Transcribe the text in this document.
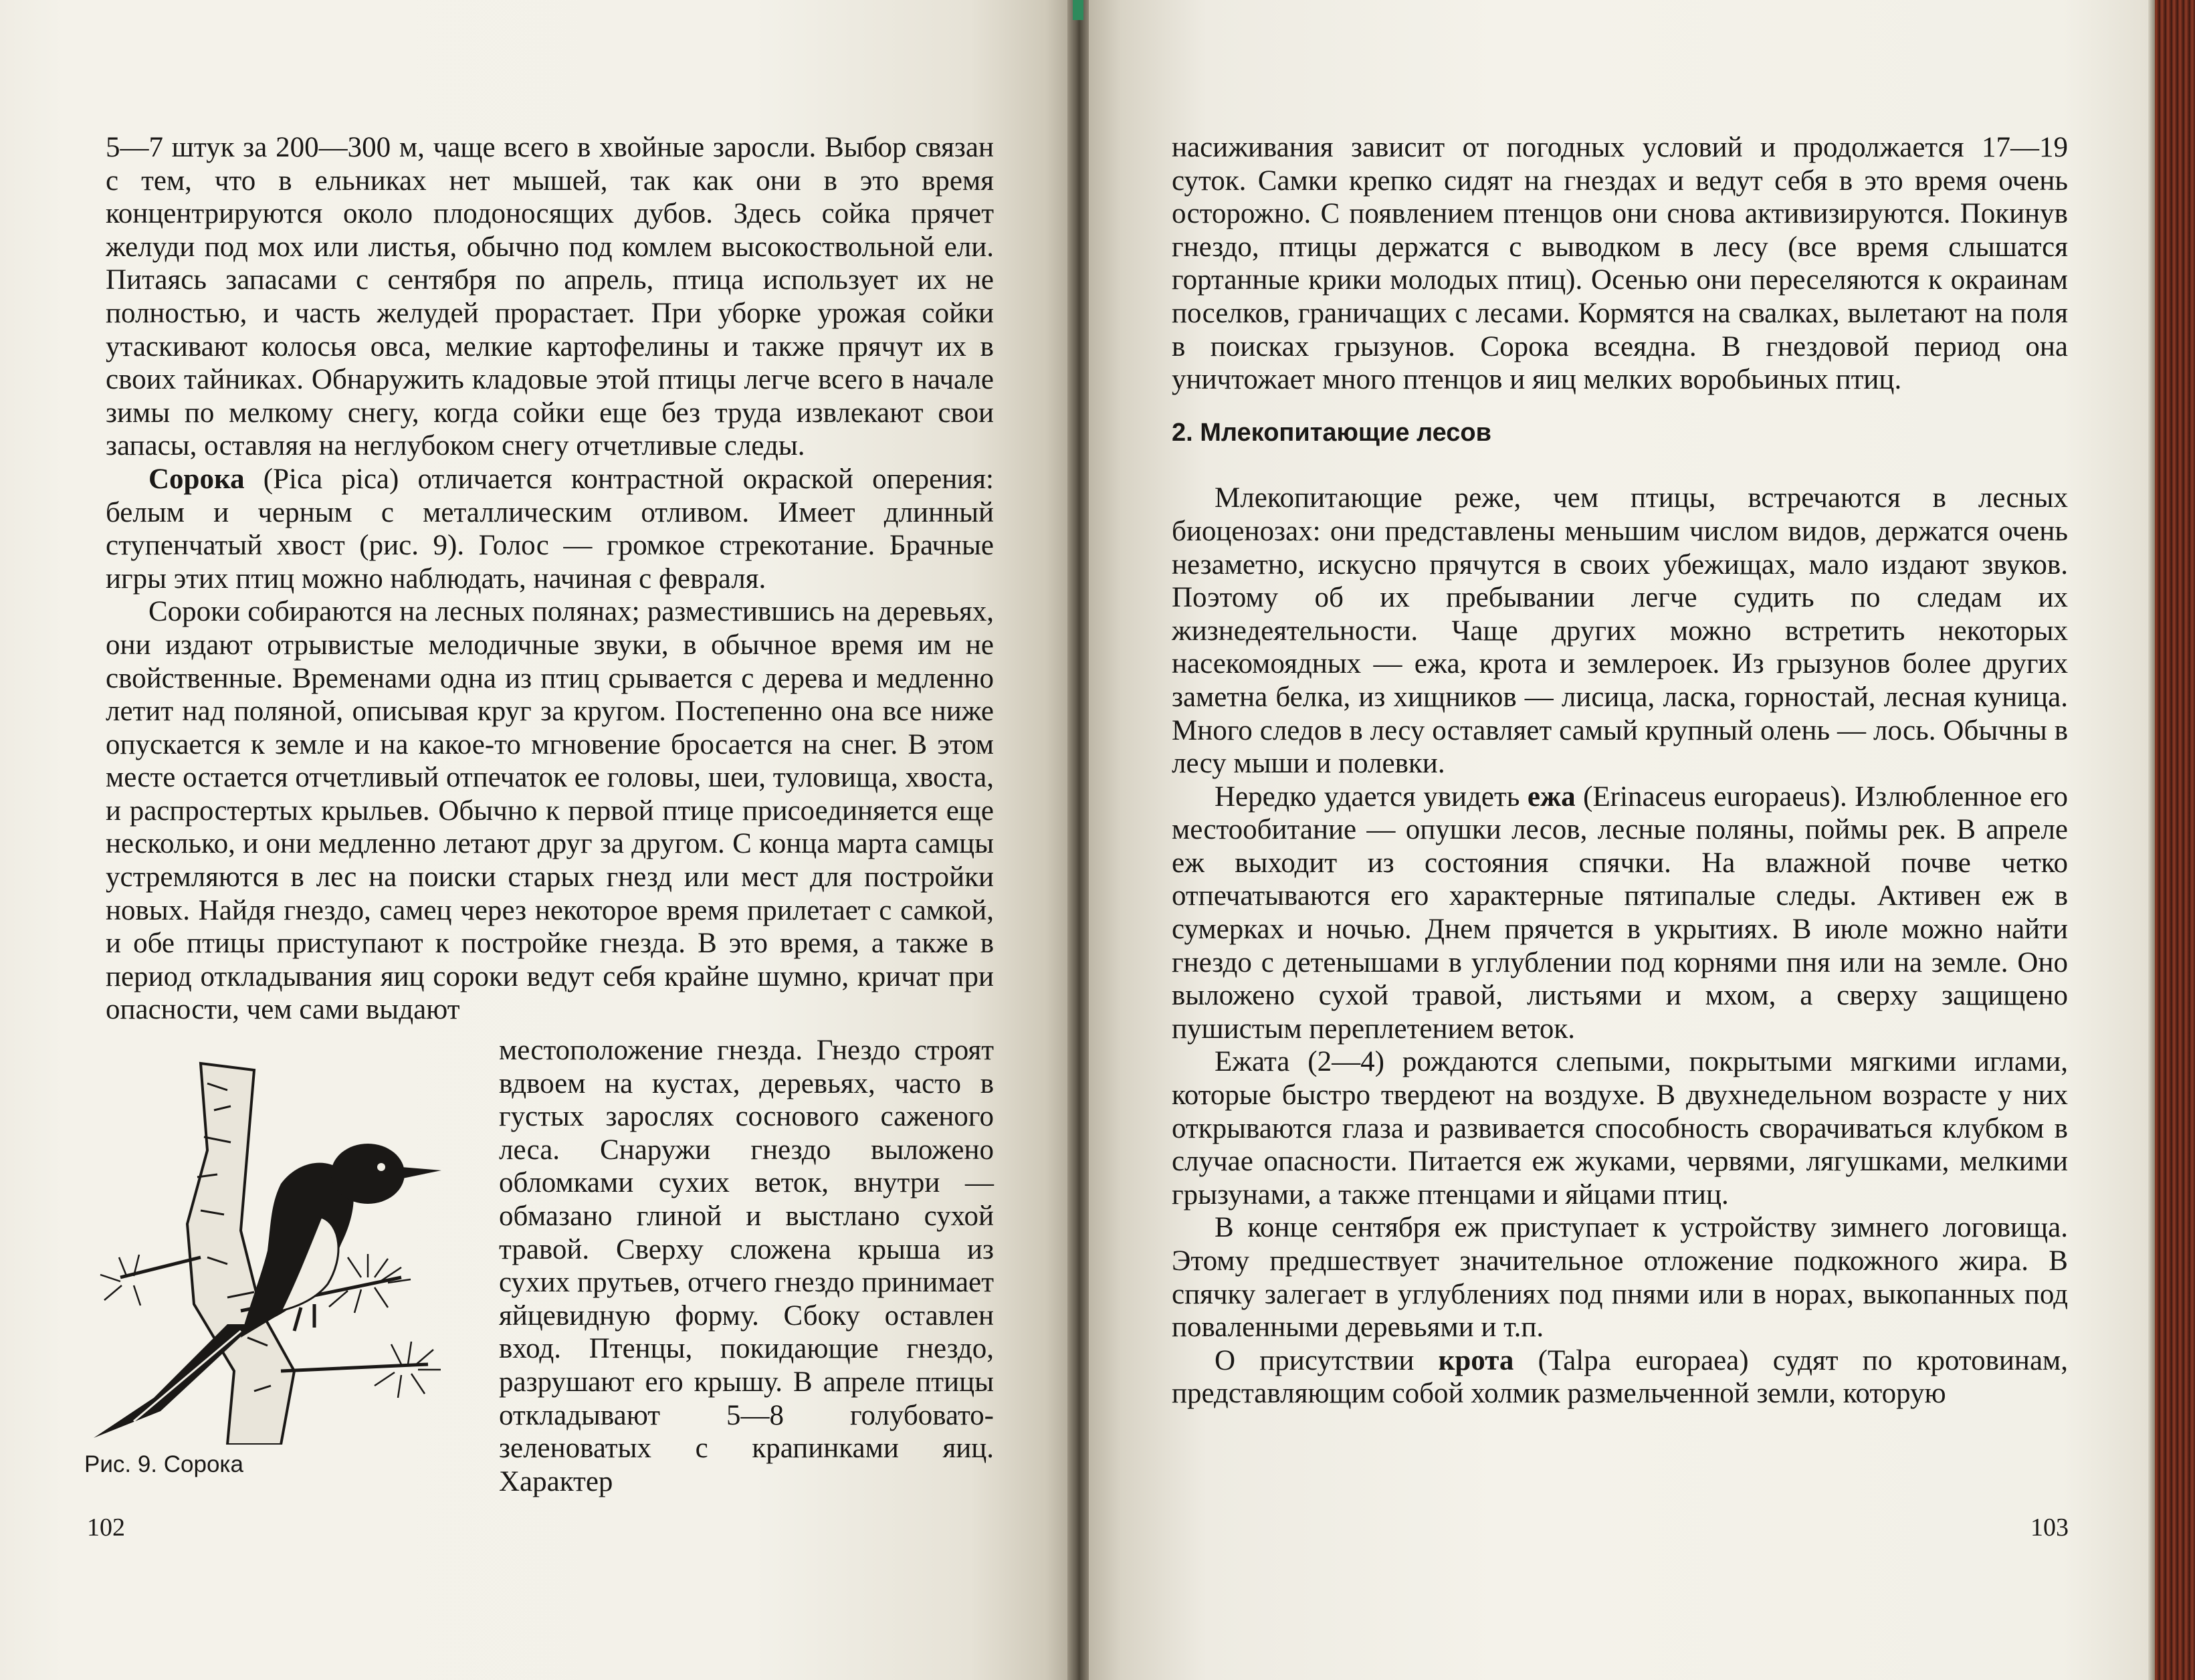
5—7 штук за 200—300 м, чаще всего в хвойные заросли. Выбор связан с тем, что в ельниках нет мышей, так как они в это время концентрируются около плодоносящих дубов. Здесь сойка прячет желуди под мох или листья, обычно под комлем высокоствольной ели. Питаясь запасами с сентября по апрель, птица использует их не полностью, и часть желудей прорастает. При уборке урожая сойки утаскивают колосья овса, мелкие картофелины и также прячут их в своих тайниках. Обнаружить кладовые этой птицы легче всего в начале зимы по мелкому снегу, когда сойки еще без труда извлекают свои запасы, оставляя на неглубоком снегу отчетливые следы.

Сорока (Pica pica) отличается контрастной окраской оперения: белым и черным с металлическим отливом. Имеет длинный ступенчатый хвост (рис. 9). Голос — громкое стрекотание. Брачные игры этих птиц можно наблюдать, начиная с февраля.

Сороки собираются на лесных полянах; разместившись на деревьях, они издают отрывистые мелодичные звуки, в обычное время им не свойственные. Временами одна из птиц срывается с дерева и медленно летит над поляной, описывая круг за кругом. Постепенно она все ниже опускается к земле и на какое-то мгновение бросается на снег. В этом месте остается отчетливый отпечаток ее головы, шеи, туловища, хвоста, и распростертых крыльев. Обычно к первой птице присоединяется еще несколько, и они медленно летают друг за другом. С конца марта самцы устремляются в лес на поиски старых гнезд или мест для постройки новых. Найдя гнездо, самец через некоторое время прилетает с самкой, и обе птицы приступают к постройке гнезда. В это время, а также в период откладывания яиц сороки ведут себя крайне шумно, кричат при опасности, чем сами выдают

местоположение гнезда. Гнездо строят вдвоем на кустах, деревьях, часто в густых зарослях соснового саженого леса. Снаружи гнездо выложено обломками сухих веток, внутри — обмазано глиной и выстлано сухой травой. Сверху сложена крыша из сухих прутьев, отчего гнездо принимает яйцевидную форму. Сбоку оставлен вход. Птенцы, покидающие гнездо, разрушают его крышу. В апреле птицы откладывают 5—8 голубовато-зеленоватых с крапинками яиц. Характер

Рис. 9. Сорока
102

насиживания зависит от погодных условий и продолжается 17—19 суток. Самки крепко сидят на гнездах и ведут себя в это время очень осторожно. С появлением птенцов они снова активизируются. Покинув гнездо, птицы держатся с выводком в лесу (все время слышатся гортанные крики молодых птиц). Осенью они переселяются к окраинам поселков, граничащих с лесами. Кормятся на свалках, вылетают на поля в поисках грызунов. Сорока всеядна. В гнездовой период она уничтожает много птенцов и яиц мелких воробьиных птиц.

2. Млекопитающие лесов

Млекопитающие реже, чем птицы, встречаются в лесных биоценозах: они представлены меньшим числом видов, держатся очень незаметно, искусно прячутся в своих убежищах, мало издают звуков. Поэтому об их пребывании легче судить по следам их жизнедеятельности. Чаще других можно встретить некоторых насекомоядных — ежа, крота и землероек. Из грызунов более других заметна белка, из хищников — лисица, ласка, горностай, лесная куница. Много следов в лесу оставляет самый крупный олень — лось. Обычны в лесу мыши и полевки.

Нередко удается увидеть ежа (Erinaceus europaeus). Излюбленное его местообитание — опушки лесов, лесные поляны, поймы рек. В апреле еж выходит из состояния спячки. На влажной почве четко отпечатываются его характерные пятипалые следы. Активен еж в сумерках и ночью. Днем прячется в укрытиях. В июле можно найти гнездо с детенышами в углублении под корнями пня или на земле. Оно выложено сухой травой, листьями и мхом, а сверху защищено пушистым переплетением веток.

Ежата (2—4) рождаются слепыми, покрытыми мягкими иглами, которые быстро твердеют на воздухе. В двухнедельном возрасте у них открываются глаза и развивается способность сворачиваться клубком в случае опасности. Питается еж жуками, червями, лягушками, мелкими грызунами, а также птенцами и яйцами птиц.

В конце сентября еж приступает к устройству зимнего логовища. Этому предшествует значительное отложение подкожного жира. В спячку залегает в углублениях под пнями или в норах, выкопанных под поваленными деревьями и т.п.

О присутствии крота (Talpa europaea) судят по кротовинам, представляющим собой холмик размельченной земли, которую

103
